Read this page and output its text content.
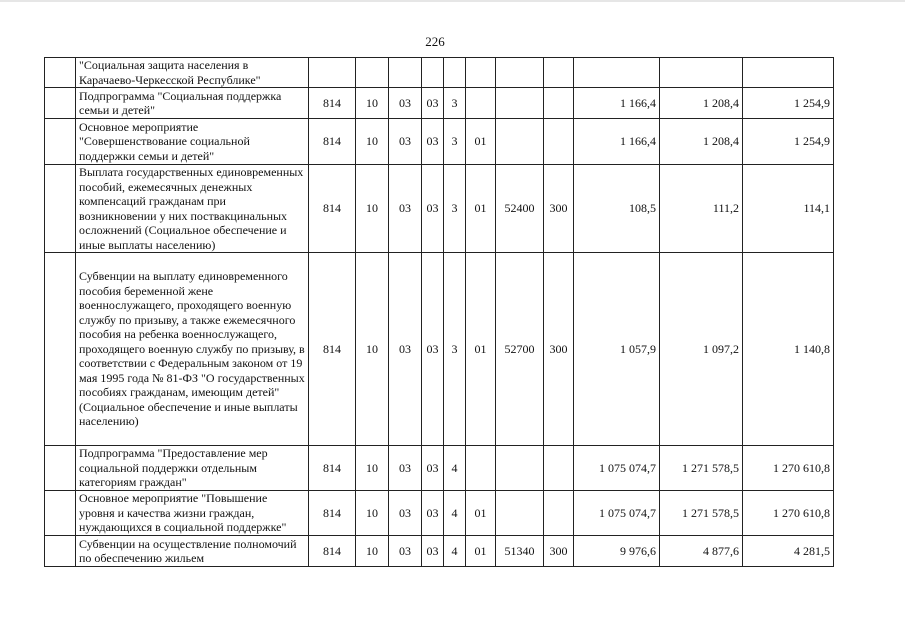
226
	"Социальная защита населения в Карачаево-Черкесской Республике"											
	Подпрограмма "Социальная поддержка семьи и детей"	814	10	03	03	3				1 166,4	1 208,4	1 254,9
	Основное мероприятие "Совершенствование социальной поддержки семьи и детей"	814	10	03	03	3	01			1 166,4	1 208,4	1 254,9
	Выплата государственных единовременных пособий, ежемесячных денежных компенсаций гражданам при возникновении у них поствакцинальных осложнений (Социальное обеспечение и иные выплаты населению)	814	10	03	03	3	01	52400	300	108,5	111,2	114,1
	Субвенции на выплату единовременного пособия беременной жене военнослужащего, проходящего военную службу по призыву, а также ежемесячного пособия на ребенка военнослужащего, проходящего военную службу по призыву, в соответствии с Федеральным законом от 19 мая 1995 года № 81-ФЗ "О государственных пособиях гражданам, имеющим детей" (Социальное обеспечение и иные выплаты населению)	814	10	03	03	3	01	52700	300	1 057,9	1 097,2	1 140,8
	Подпрограмма "Предоставление мер социальной поддержки отдельным категориям граждан"	814	10	03	03	4				1 075 074,7	1 271 578,5	1 270 610,8
	Основное мероприятие "Повышение уровня и качества жизни граждан, нуждающихся в социальной поддержке"	814	10	03	03	4	01			1 075 074,7	1 271 578,5	1 270 610,8
	Субвенции на осуществление полномочий по обеспечению жильем	814	10	03	03	4	01	51340	300	9 976,6	4 877,6	4 281,5
